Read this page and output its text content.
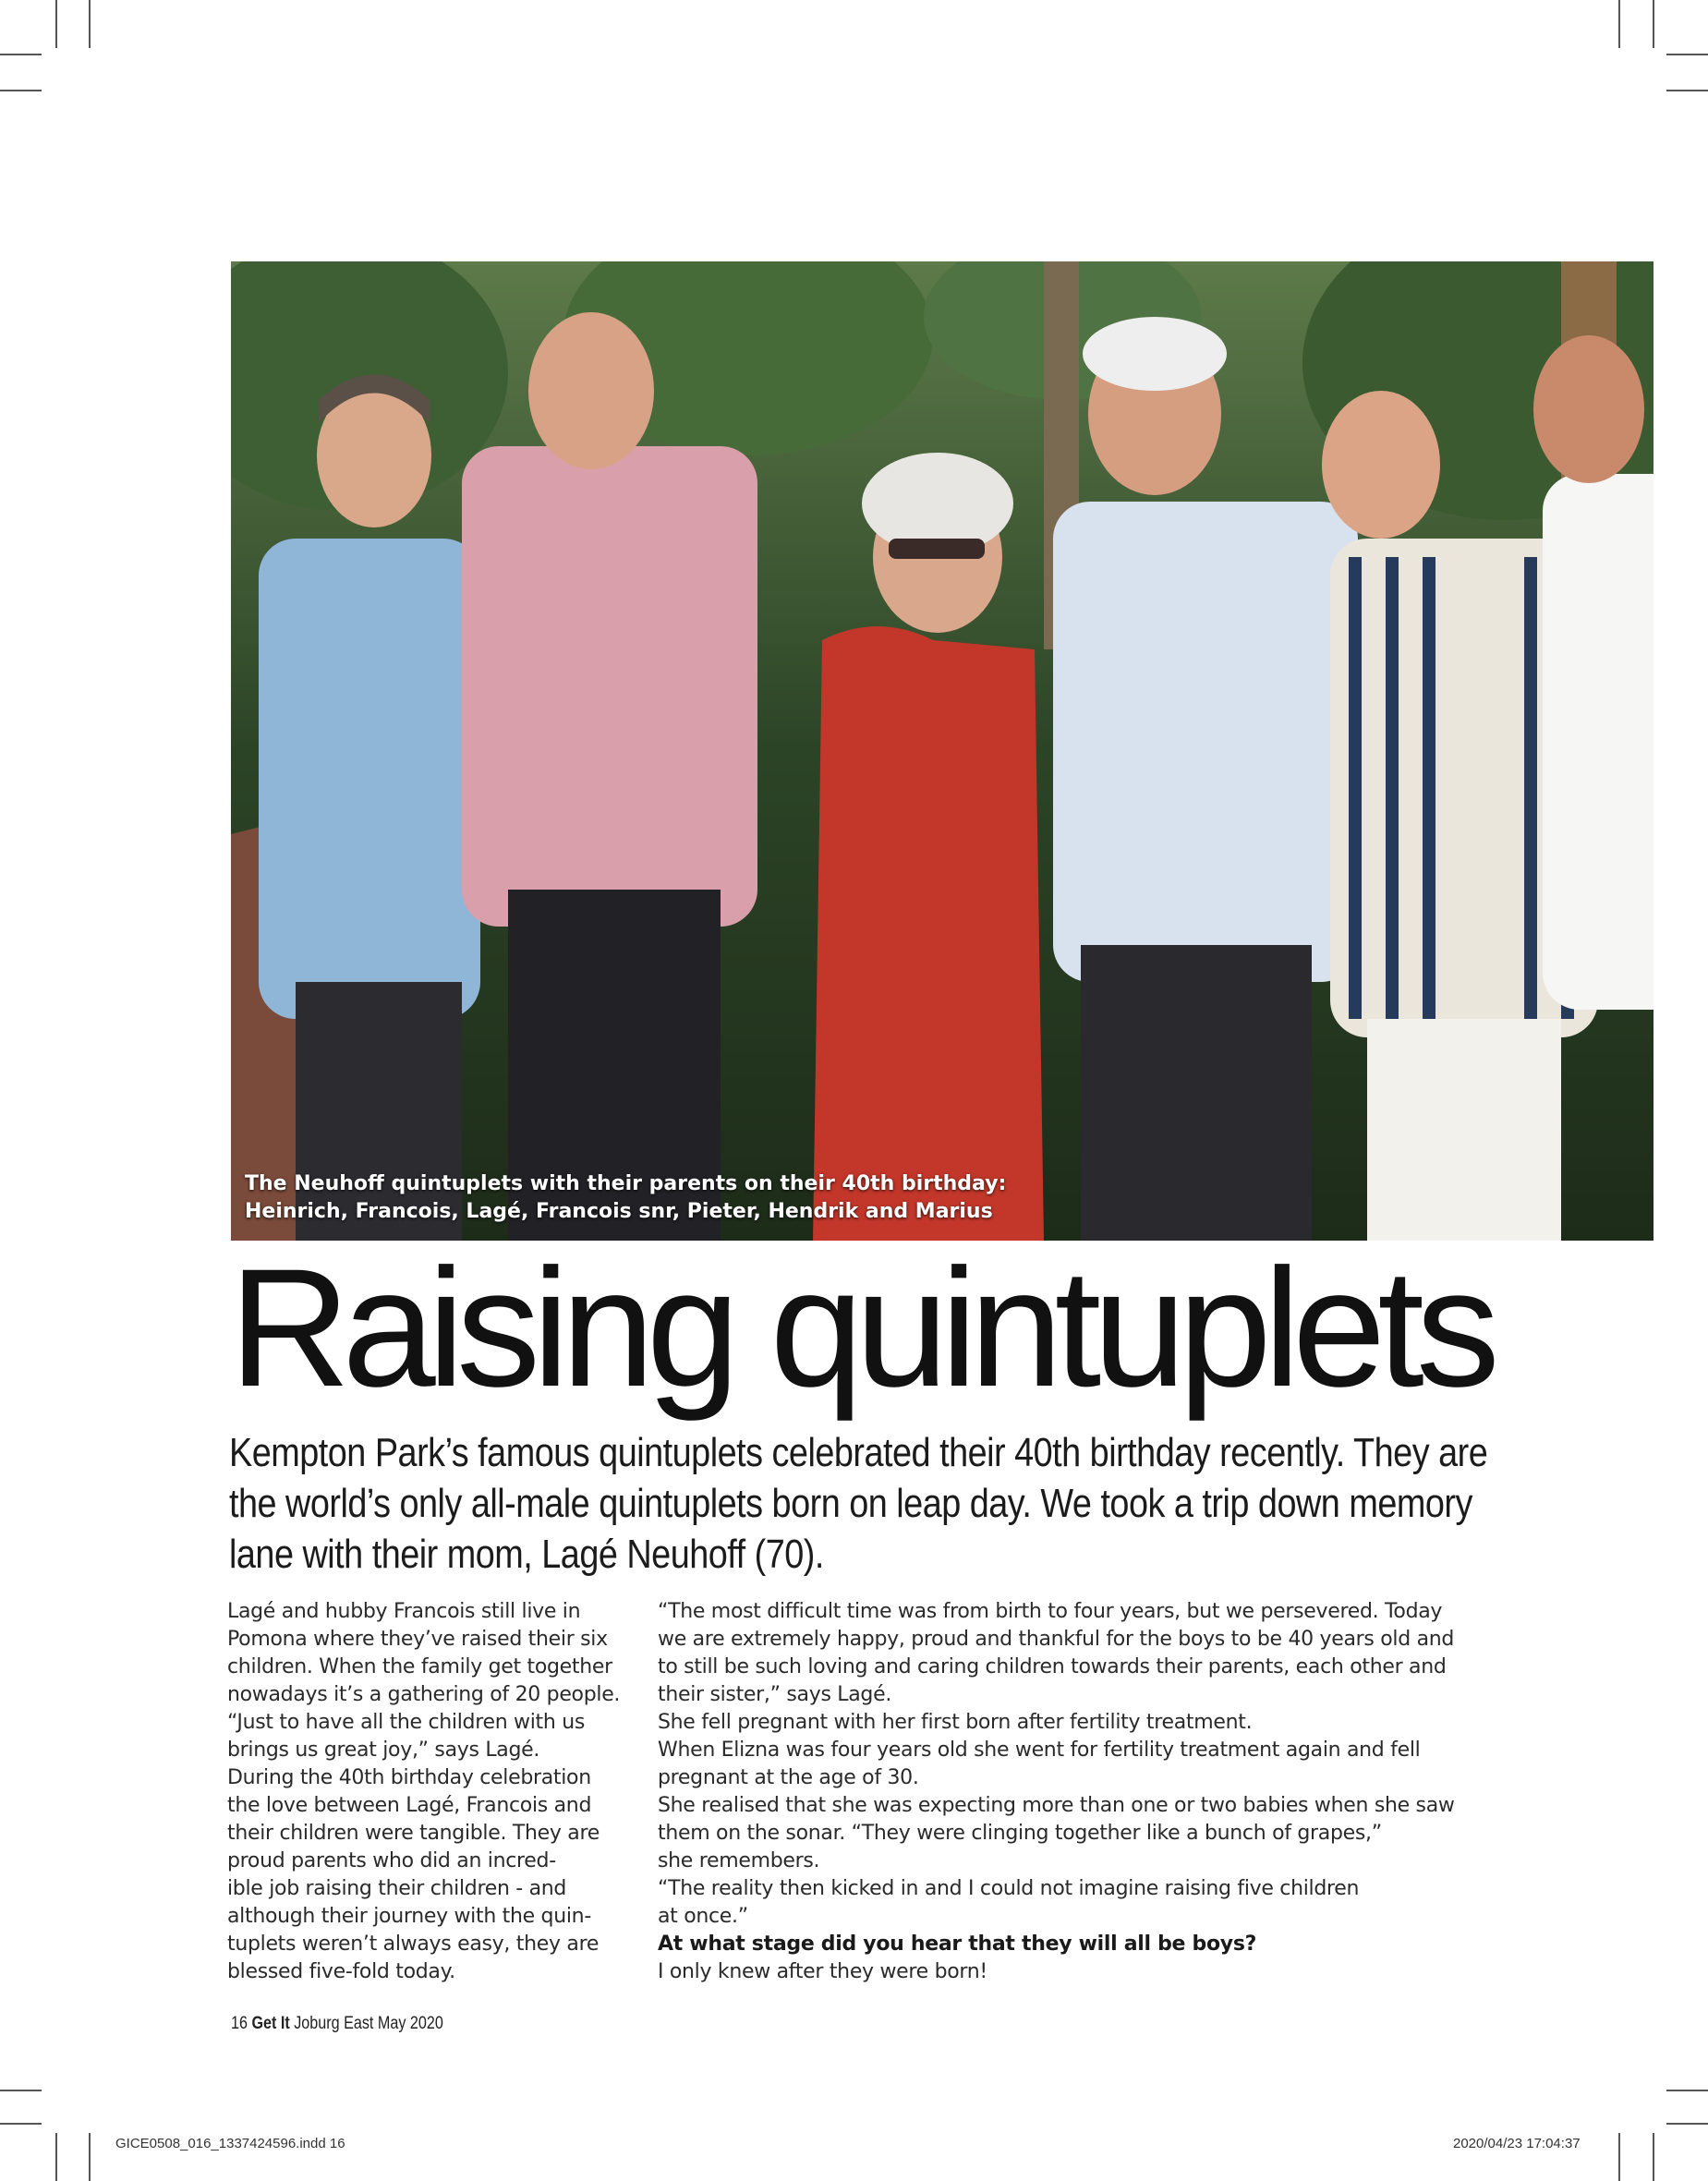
The Neuhoff quintuplets with their parents on their 40th birthday:
Heinrich, Francois, Lagé, Francois snr, Pieter, Hendrik and Marius
Raising quintuplets
Kempton Park’s famous quintuplets celebrated their 40th birthday recently. They are
the world’s only all-male quintuplets born on leap day. We took a trip down memory
lane with their mom, Lagé Neuhoff (70).
Lagé and hubby Francois still live in
Pomona where they’ve raised their six
children. When the family get together
nowadays it’s a gathering of 20 people.
“Just to have all the children with us
brings us great joy,” says Lagé.
During the 40th birthday celebration
the love between Lagé, Francois and
their children were tangible. They are
proud parents who did an incred-
ible job raising their children - and
although their journey with the quin-
tuplets weren’t always easy, they are
blessed five-fold today.
“The most difficult time was from birth to four years, but we persevered. Today
we are extremely happy, proud and thankful for the boys to be 40 years old and
to still be such loving and caring children towards their parents, each other and
their sister,” says Lagé.
She fell pregnant with her first born after fertility treatment.
When Elizna was four years old she went for fertility treatment again and fell
pregnant at the age of 30.
She realised that she was expecting more than one or two babies when she saw
them on the sonar. “They were clinging together like a bunch of grapes,”
she remembers.
“The reality then kicked in and I could not imagine raising five children
at once.”
At what stage did you hear that they will all be boys?
I only knew after they were born!
16 Get It Joburg East May 2020
GICE0508_016_1337424596.indd 16	2020/04/23 17:04:37
